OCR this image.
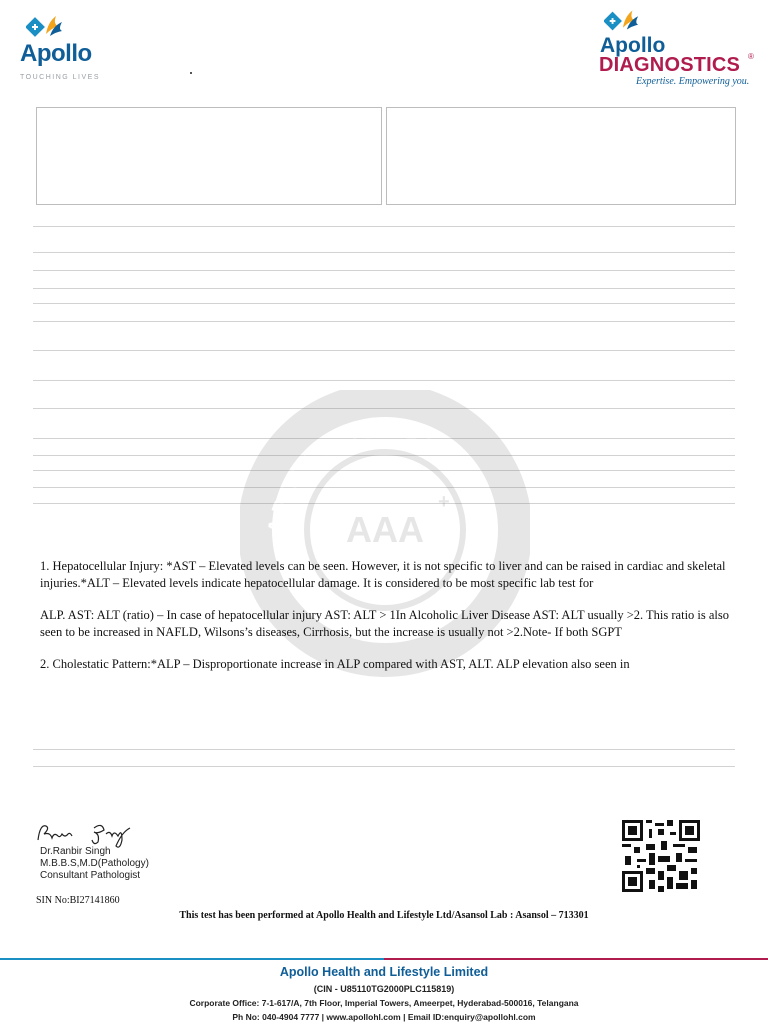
Apollo
TOUCHING LIVES
Apollo
DIAGNOSTICS ®
Expertise. Empowering you.
APOLLO TRUST
AAA
+

1. Hepatocellular Injury: *AST – Elevated levels can be seen. However, it is not specific to liver and can be raised in cardiac and skeletal injuries.*ALT – Elevated levels indicate hepatocellular damage. It is considered to be most specific lab test for

ALP. AST: ALT (ratio) – In case of hepatocellular injury AST: ALT > 1In Alcoholic Liver Disease AST: ALT usually >2. This ratio is also seen to be increased in NAFLD, Wilsons’s diseases, Cirrhosis, but the increase is usually not >2.Note- If both SGPT

2. Cholestatic Pattern:*ALP – Disproportionate increase in ALP compared with AST, ALT. ALP elevation also seen in

Dr.Ranbir Singh
M.B.B.S,M.D(Pathology)
Consultant Pathologist
SIN No:BI27141860
This test has been performed at Apollo Health and Lifestyle Ltd/Asansol Lab : Asansol – 713301
Apollo Health and Lifestyle Limited
(CIN - U85110TG2000PLC115819)
Corporate Office: 7-1-617/A, 7th Floor, Imperial Towers, Ameerpet, Hyderabad-500016, Telangana
Ph No: 040-4904 7777 | www.apollohl.com | Email ID:enquiry@apollohl.com
